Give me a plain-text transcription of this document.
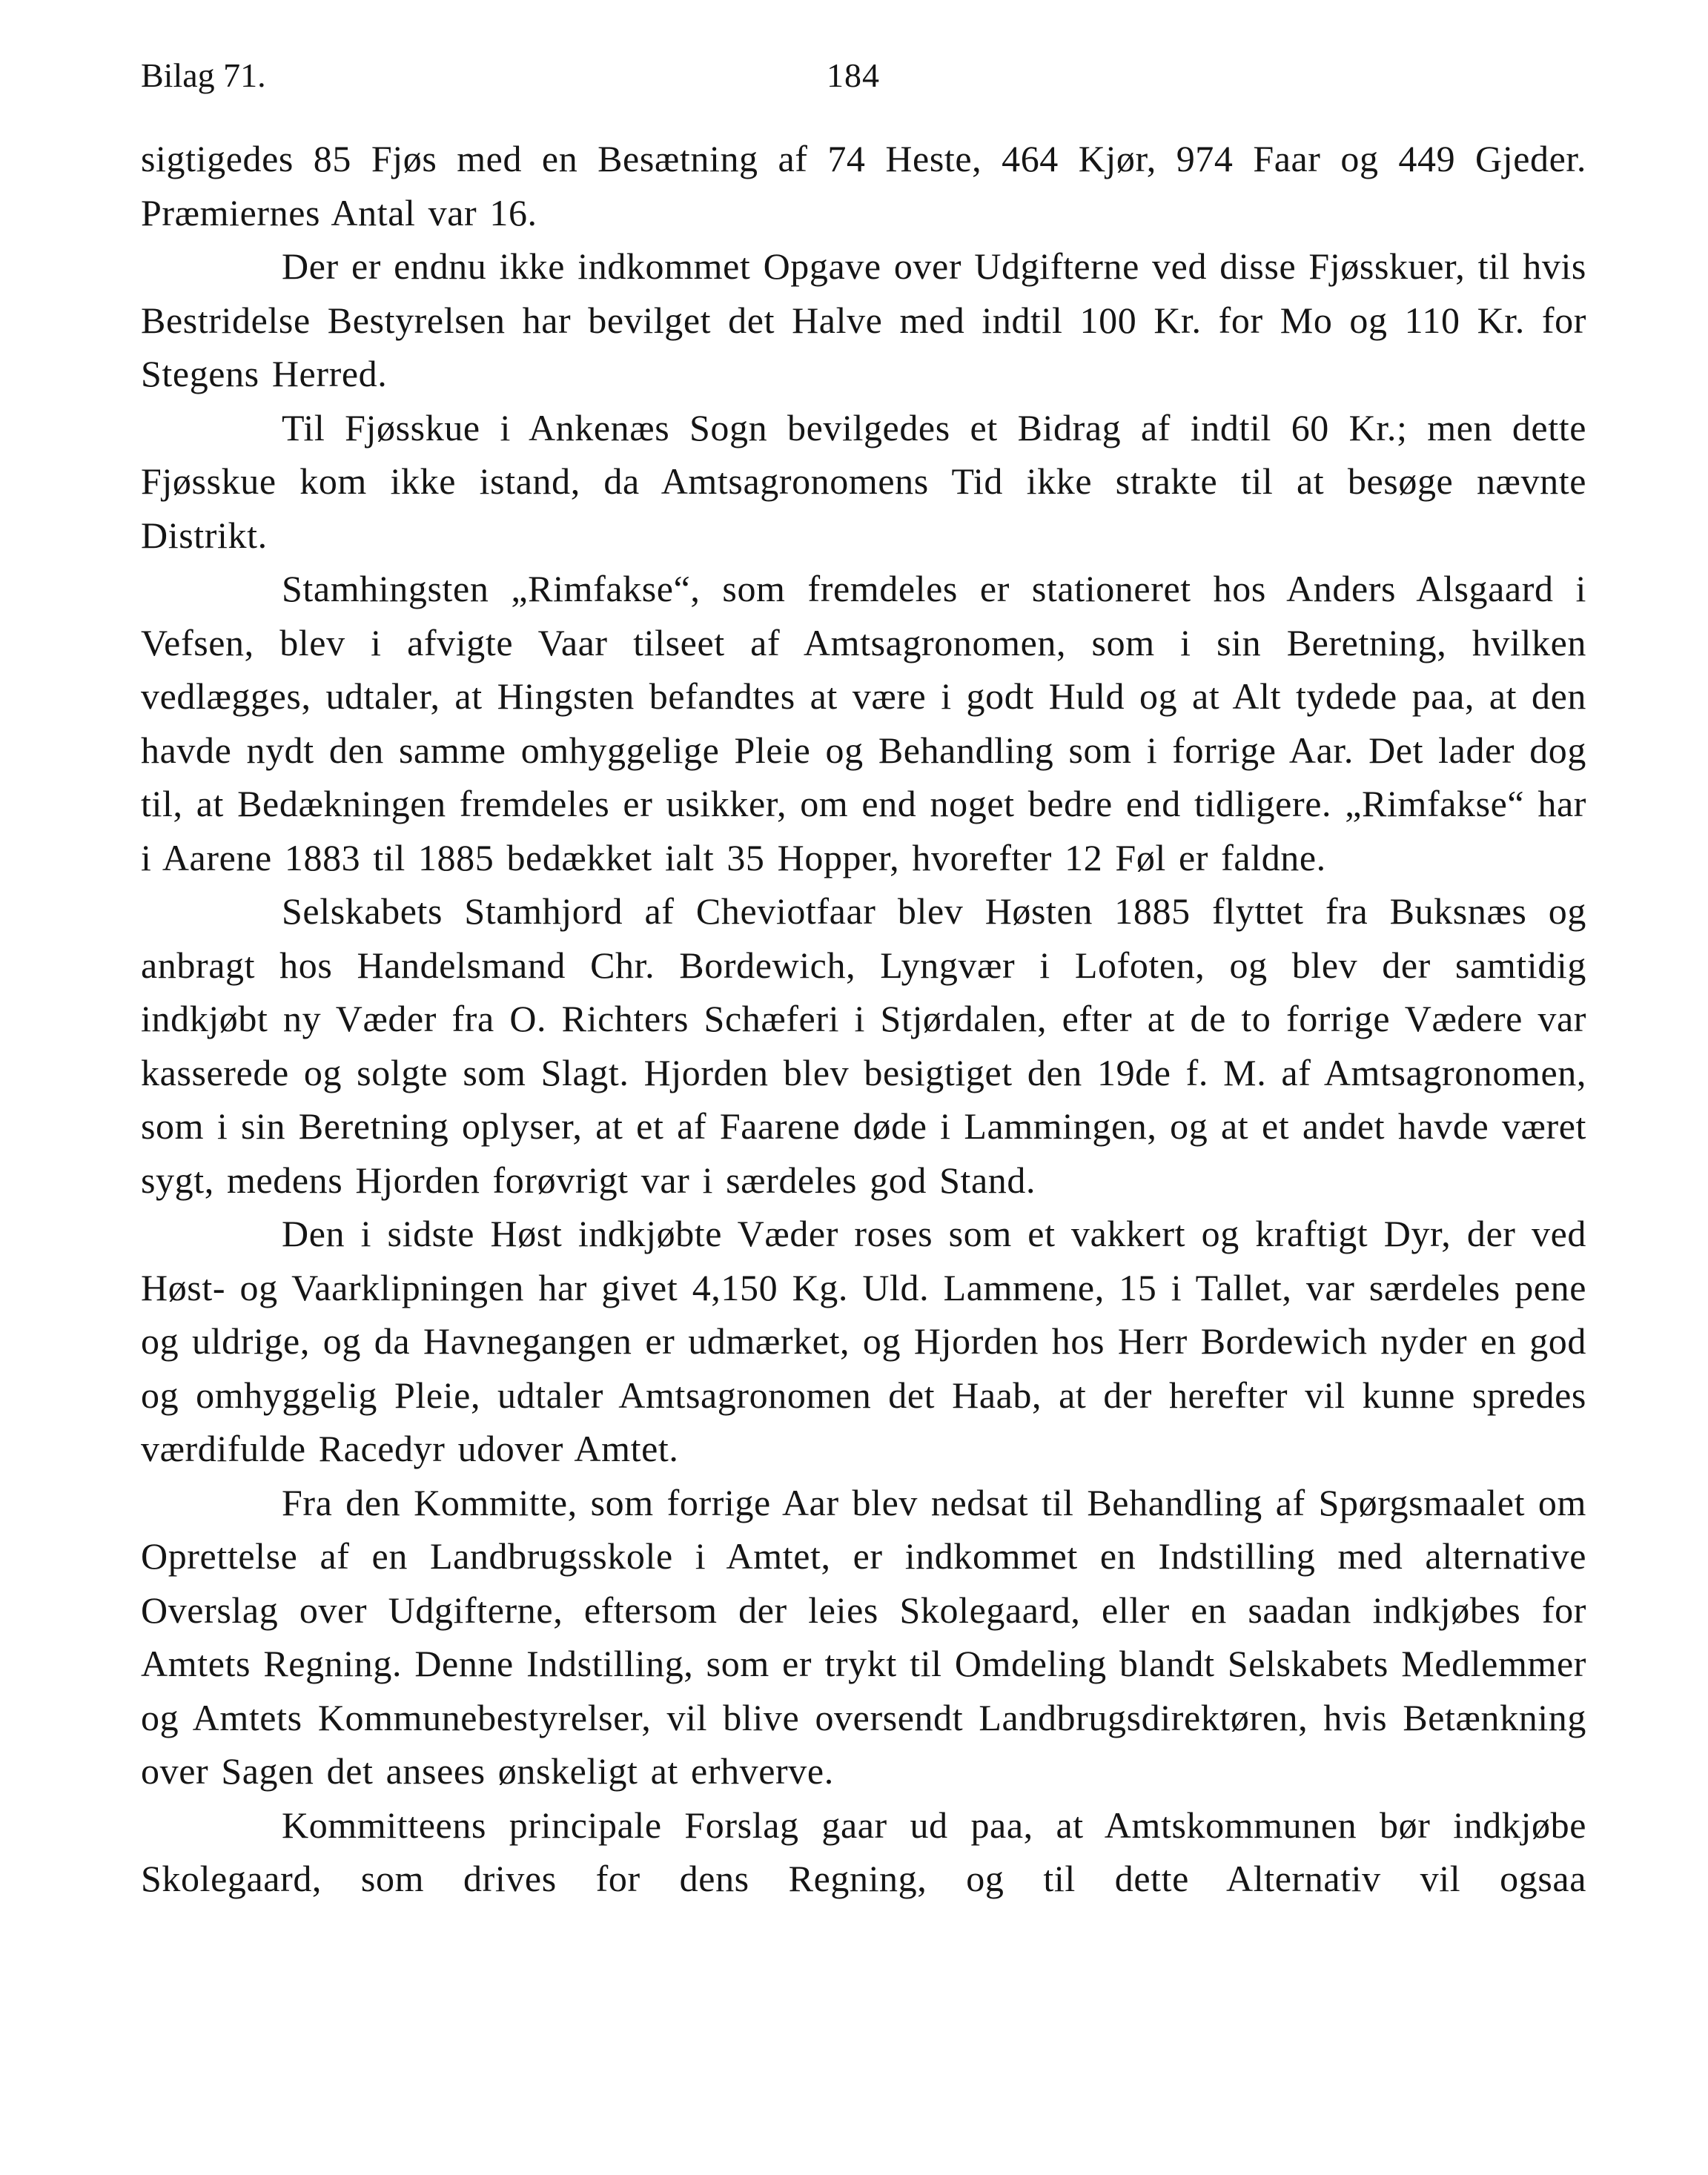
Bilag 71.	184

sigtigedes 85 Fjøs med en Besætning af 74 Heste, 464 Kjør, 974 Faar og 449 Gjeder. Præmiernes Antal var 16.

Der er endnu ikke indkommet Opgave over Udgifterne ved disse Fjøsskuer, til hvis Bestridelse Bestyrelsen har bevilget det Halve med indtil 100 Kr. for Mo og 110 Kr. for Stegens Herred.

Til Fjøsskue i Ankenæs Sogn bevilgedes et Bidrag af indtil 60 Kr.; men dette Fjøsskue kom ikke istand, da Amtsagronomens Tid ikke strakte til at besøge nævnte Distrikt.

Stamhingsten „Rimfakse“, som fremdeles er stationeret hos Anders Alsgaard i Vefsen, blev i afvigte Vaar tilseet af Amtsagronomen, som i sin Beretning, hvilken vedlægges, udtaler, at Hingsten befandtes at være i godt Huld og at Alt tydede paa, at den havde nydt den samme omhyggelige Pleie og Behandling som i forrige Aar. Det lader dog til, at Bedækningen fremdeles er usikker, om end noget bedre end tidligere. „Rimfakse“ har i Aarene 1883 til 1885 bedækket ialt 35 Hopper, hvorefter 12 Føl er faldne.

Selskabets Stamhjord af Cheviotfaar blev Høsten 1885 flyttet fra Buksnæs og anbragt hos Handelsmand Chr. Bordewich, Lyngvær i Lofoten, og blev der samtidig indkjøbt ny Væder fra O. Richters Schæferi i Stjørdalen, efter at de to forrige Vædere var kasserede og solgte som Slagt. Hjorden blev besigtiget den 19de f. M. af Amtsagronomen, som i sin Beretning oplyser, at et af Faarene døde i Lammingen, og at et andet havde været sygt, medens Hjorden forøvrigt var i særdeles god Stand.

Den i sidste Høst indkjøbte Væder roses som et vakkert og kraftigt Dyr, der ved Høst- og Vaarklipningen har givet 4,150 Kg. Uld. Lammene, 15 i Tallet, var særdeles pene og uldrige, og da Havnegangen er udmærket, og Hjorden hos Herr Bordewich nyder en god og omhyggelig Pleie, udtaler Amtsagronomen det Haab, at der herefter vil kunne spredes værdifulde Racedyr udover Amtet.

Fra den Kommitte, som forrige Aar blev nedsat til Behandling af Spørgsmaalet om Oprettelse af en Landbrugsskole i Amtet, er indkommet en Indstilling med alternative Overslag over Udgifterne, eftersom der leies Skolegaard, eller en saadan indkjøbes for Amtets Regning. Denne Indstilling, som er trykt til Omdeling blandt Selskabets Medlemmer og Amtets Kommunebestyrelser, vil blive oversendt Landbrugsdirektøren, hvis Betænkning over Sagen det ansees ønskeligt at erhverve.

Kommitteens principale Forslag gaar ud paa, at Amtskommunen bør indkjøbe Skolegaard, som drives for dens Regning, og til dette Alternativ vil ogsaa
